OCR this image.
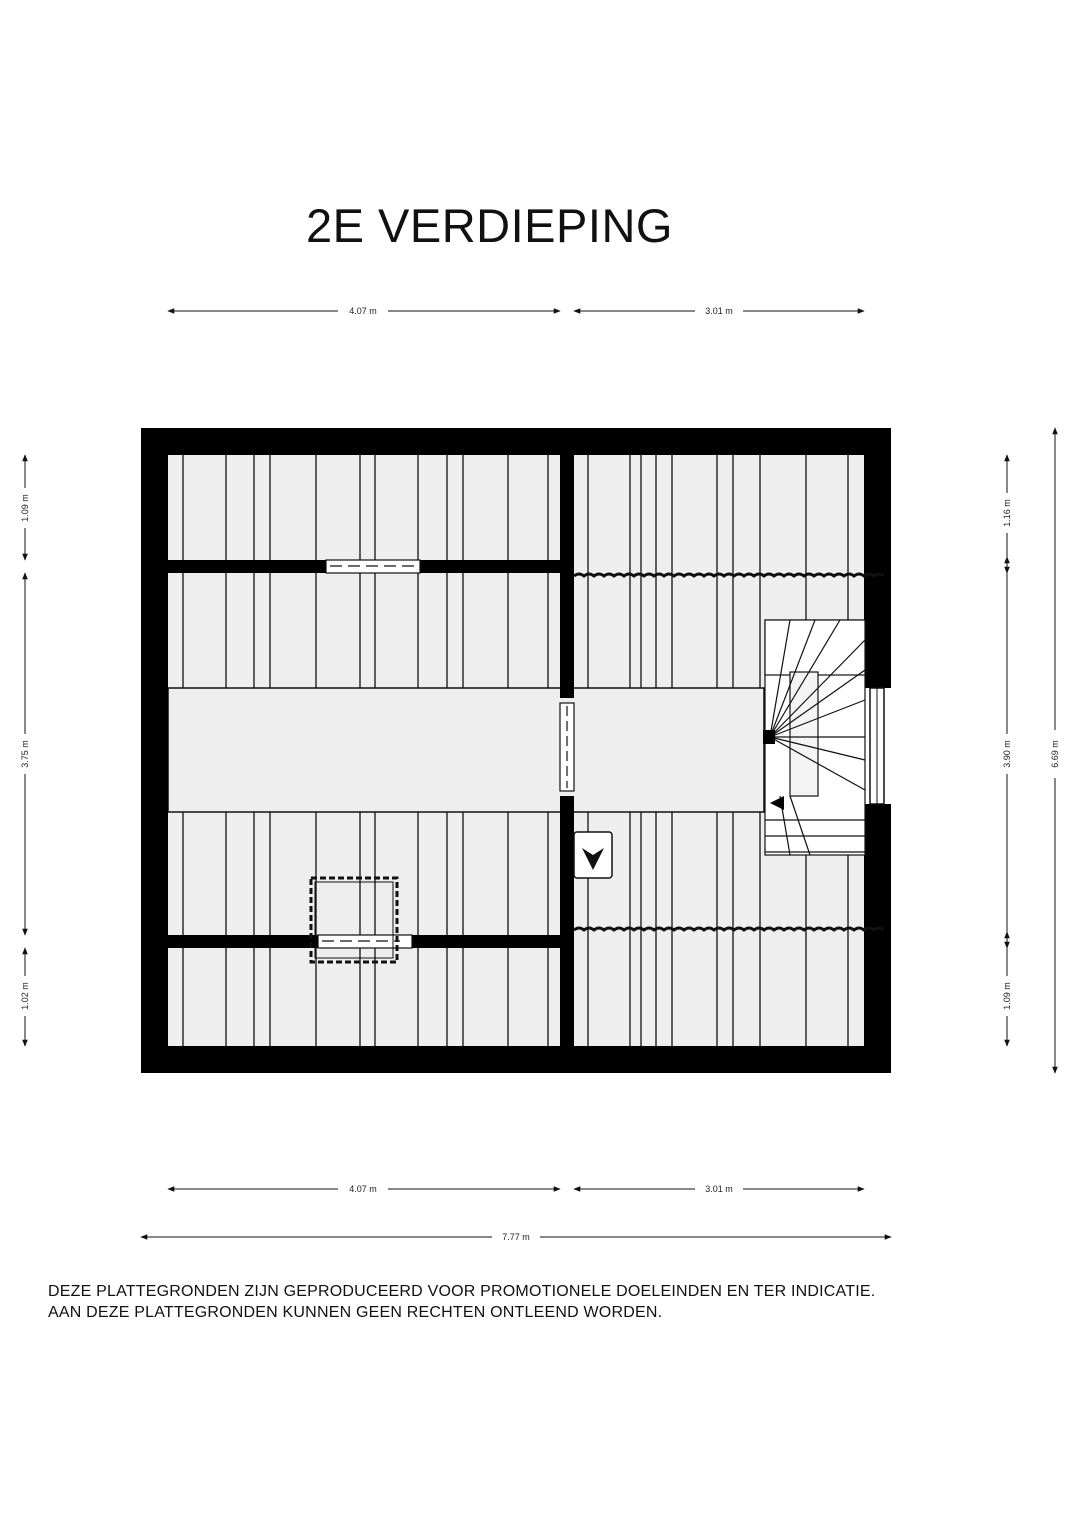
2E VERDIEPING
4.07 m	3.01 m
4.07 m	3.01 m
7.77 m
1.09 m
3.75 m
1.02 m
1.16 m
3.90 m
1.09 m
6.69 m
DEZE PLATTEGRONDEN ZIJN GEPRODUCEERD VOOR PROMOTIONELE DOELEINDEN EN TER INDICATIE.
AAN DEZE PLATTEGRONDEN KUNNEN GEEN RECHTEN ONTLEEND WORDEN.
